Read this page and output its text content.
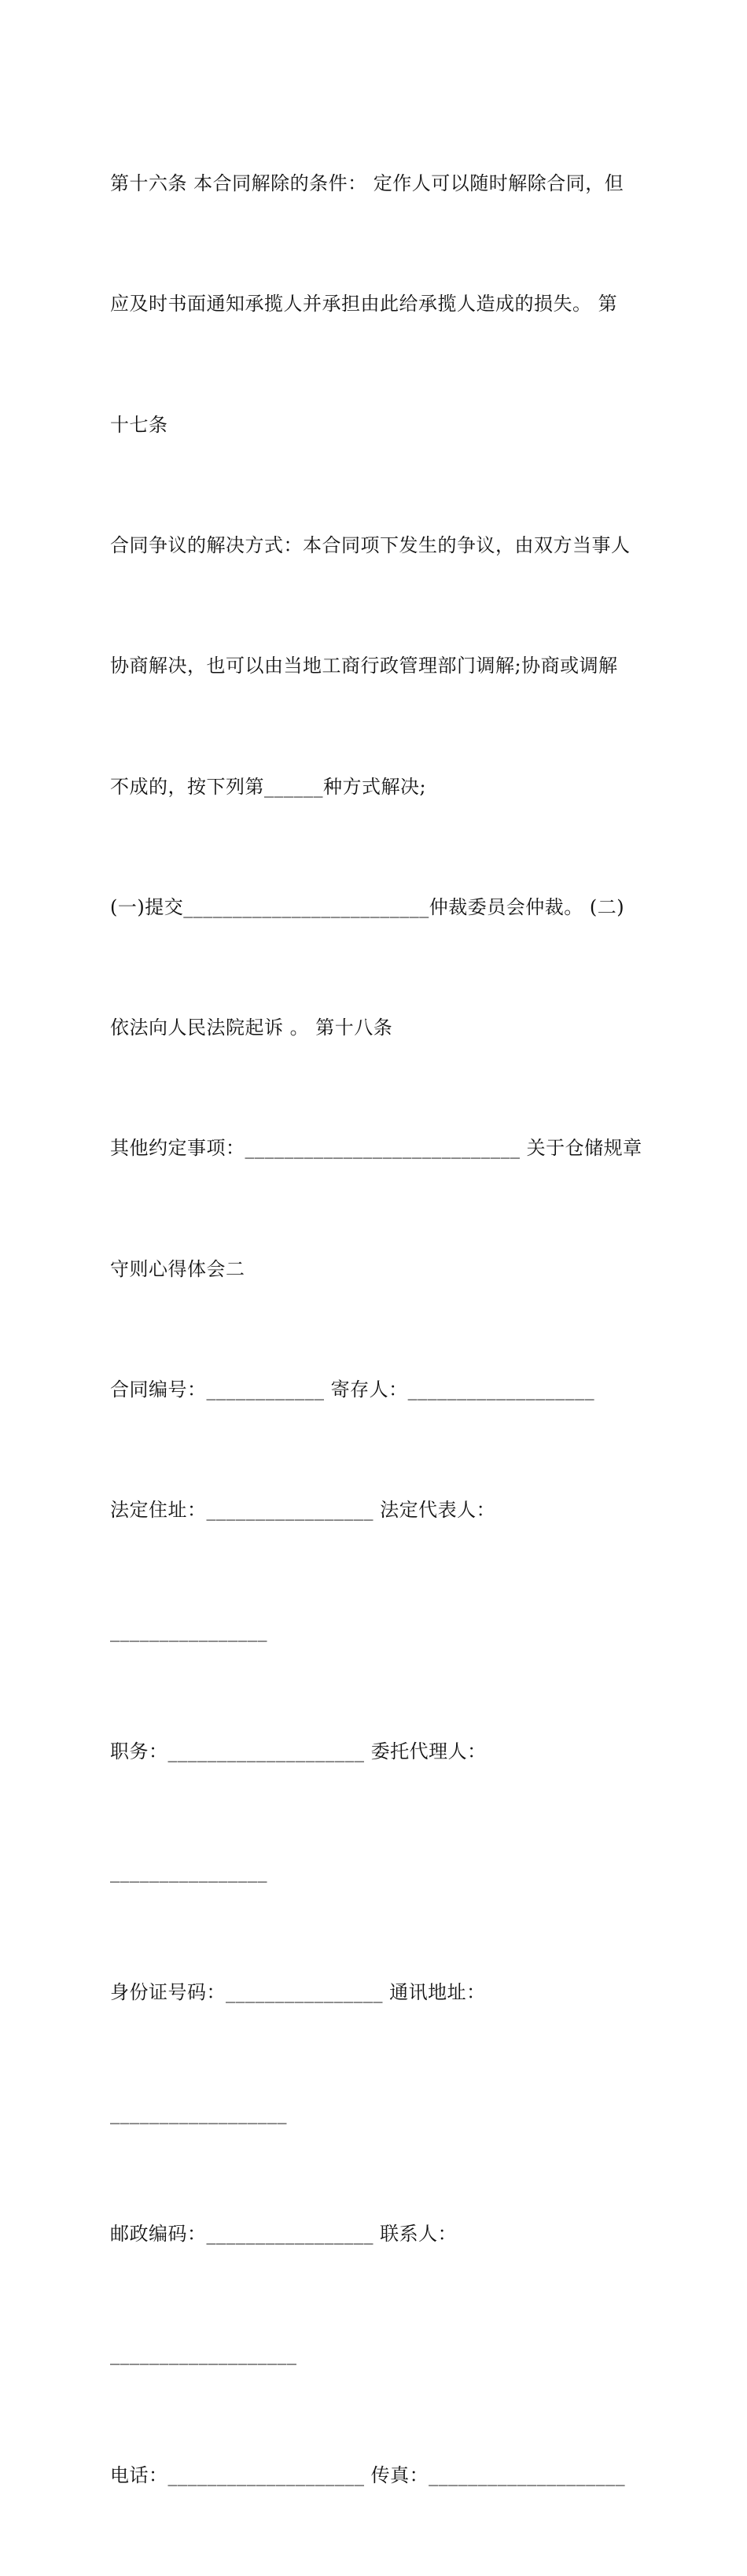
第十六条 本合同解除的条件： 定作人可以随时解除合同，但

应及时书面通知承揽人并承担由此给承揽人造成的损失。 第

十七条

合同争议的解决方式：本合同项下发生的争议，由双方当事人

协商解决，也可以由当地工商行政管理部门调解;协商或调解

不成的，按下列第______种方式解决;

(一)提交_________________________仲裁委员会仲裁。 (二)

依法向人民法院起诉 。 第十八条

其他约定事项：____________________________ 关于仓储规章

守则心得体会二

合同编号：____________ 寄存人：___________________

法定住址：_________________ 法定代表人：

________________

职务：____________________ 委托代理人：

________________

身份证号码：________________ 通讯地址：

__________________

邮政编码：_________________ 联系人：

___________________

电话：____________________ 传真：____________________
